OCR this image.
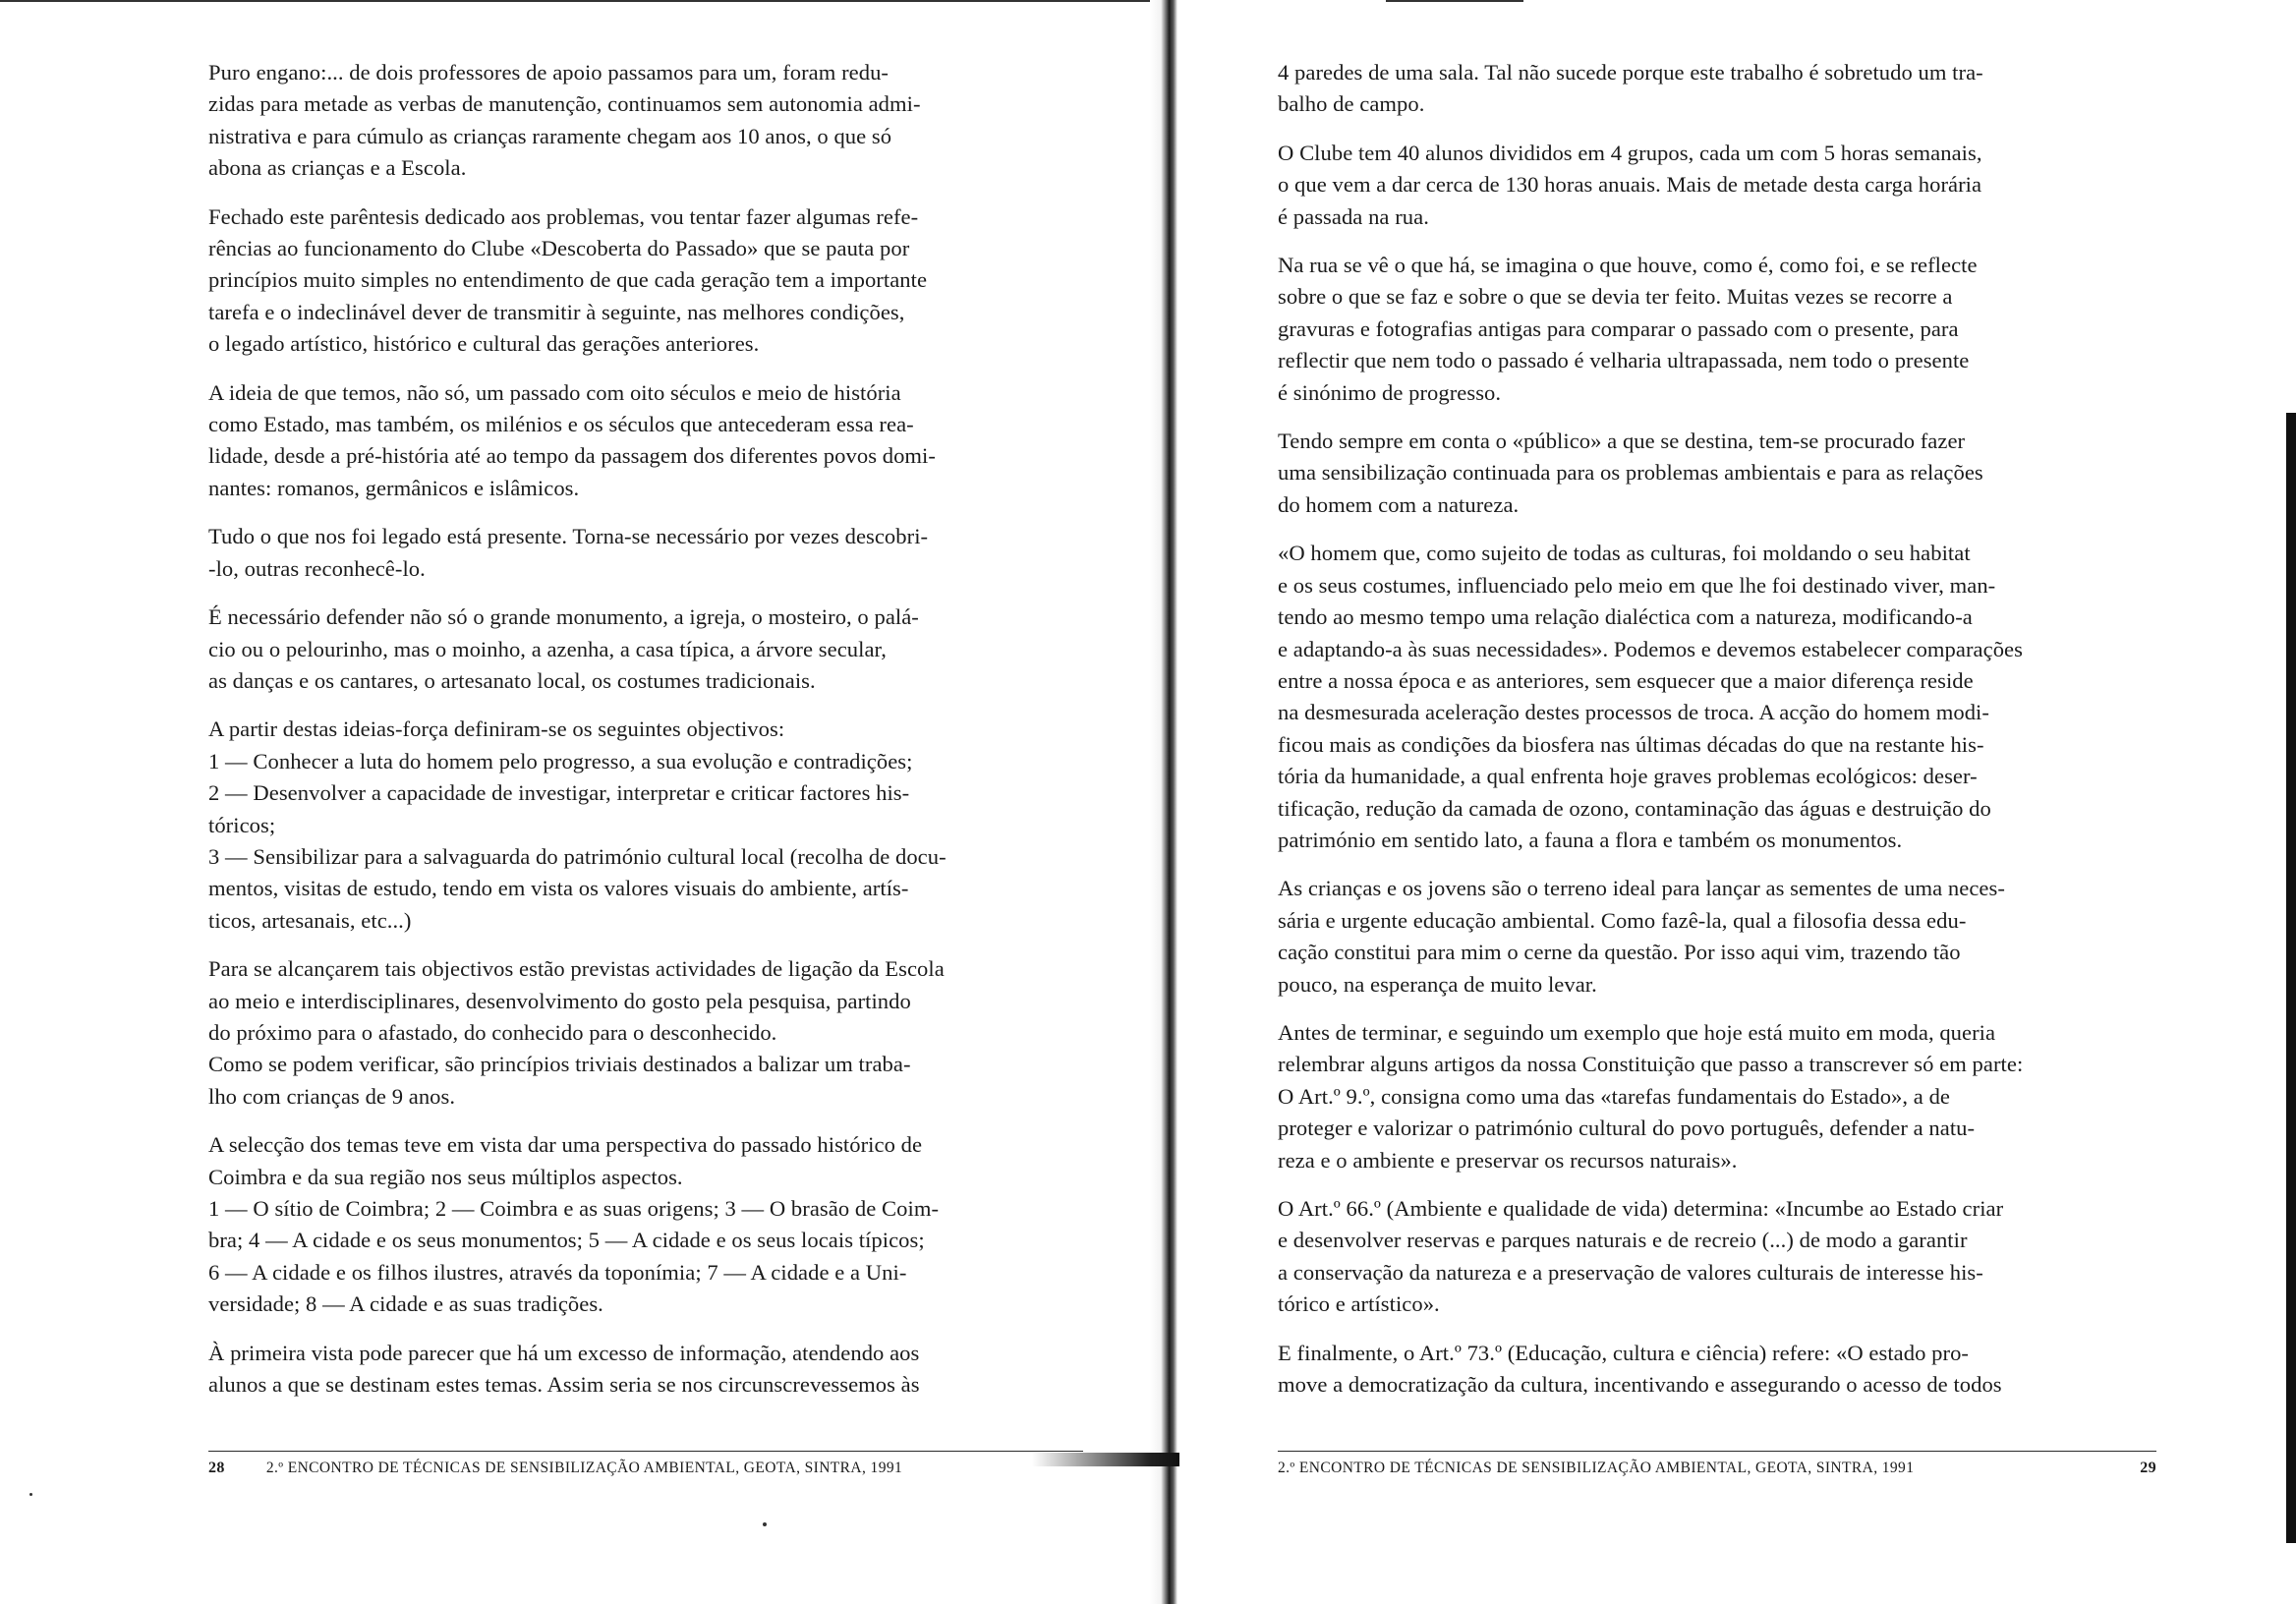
Puro engano:... de dois professores de apoio passamos para um, foram redu-
zidas para metade as verbas de manutenção, continuamos sem autonomia admi-
nistrativa e para cúmulo as crianças raramente chegam aos 10 anos, o que só
abona as crianças e a Escola.

Fechado este parêntesis dedicado aos problemas, vou tentar fazer algumas refe-
rências ao funcionamento do Clube «Descoberta do Passado» que se pauta por
princípios muito simples no entendimento de que cada geração tem a importante
tarefa e o indeclinável dever de transmitir à seguinte, nas melhores condições,
o legado artístico, histórico e cultural das gerações anteriores.

A ideia de que temos, não só, um passado com oito séculos e meio de história
como Estado, mas também, os milénios e os séculos que antecederam essa rea-
lidade, desde a pré-história até ao tempo da passagem dos diferentes povos domi-
nantes: romanos, germânicos e islâmicos.

Tudo o que nos foi legado está presente. Torna-se necessário por vezes descobri-
-lo, outras reconhecê-lo.

É necessário defender não só o grande monumento, a igreja, o mosteiro, o palá-
cio ou o pelourinho, mas o moinho, a azenha, a casa típica, a árvore secular,
as danças e os cantares, o artesanato local, os costumes tradicionais.

A partir destas ideias-força definiram-se os seguintes objectivos:
1 — Conhecer a luta do homem pelo progresso, a sua evolução e contradições;
2 — Desenvolver a capacidade de investigar, interpretar e criticar factores his-
tóricos;
3 — Sensibilizar para a salvaguarda do património cultural local (recolha de docu-
mentos, visitas de estudo, tendo em vista os valores visuais do ambiente, artís-
ticos, artesanais, etc...)

Para se alcançarem tais objectivos estão previstas actividades de ligação da Escola
ao meio e interdisciplinares, desenvolvimento do gosto pela pesquisa, partindo
do próximo para o afastado, do conhecido para o desconhecido.
Como se podem verificar, são princípios triviais destinados a balizar um traba-
lho com crianças de 9 anos.

A selecção dos temas teve em vista dar uma perspectiva do passado histórico de
Coimbra e da sua região nos seus múltiplos aspectos.
1 — O sítio de Coimbra; 2 — Coimbra e as suas origens; 3 — O brasão de Coim-
bra; 4 — A cidade e os seus monumentos; 5 — A cidade e os seus locais típicos;
6 — A cidade e os filhos ilustres, através da toponímia; 7 — A cidade e a Uni-
versidade; 8 — A cidade e as suas tradições.

À primeira vista pode parecer que há um excesso de informação, atendendo aos
alunos a que se destinam estes temas. Assim seria se nos circunscrevessemos às

28	2.º ENCONTRO DE TÉCNICAS DE SENSIBILIZAÇÃO AMBIENTAL, GEOTA, SINTRA, 1991

4 paredes de uma sala. Tal não sucede porque este trabalho é sobretudo um tra-
balho de campo.

O Clube tem 40 alunos divididos em 4 grupos, cada um com 5 horas semanais,
o que vem a dar cerca de 130 horas anuais. Mais de metade desta carga horária
é passada na rua.

Na rua se vê o que há, se imagina o que houve, como é, como foi, e se reflecte
sobre o que se faz e sobre o que se devia ter feito. Muitas vezes se recorre a
gravuras e fotografias antigas para comparar o passado com o presente, para
reflectir que nem todo o passado é velharia ultrapassada, nem todo o presente
é sinónimo de progresso.

Tendo sempre em conta o «público» a que se destina, tem-se procurado fazer
uma sensibilização continuada para os problemas ambientais e para as relações
do homem com a natureza.

«O homem que, como sujeito de todas as culturas, foi moldando o seu habitat
e os seus costumes, influenciado pelo meio em que lhe foi destinado viver, man-
tendo ao mesmo tempo uma relação dialéctica com a natureza, modificando-a
e adaptando-a às suas necessidades». Podemos e devemos estabelecer comparações
entre a nossa época e as anteriores, sem esquecer que a maior diferença reside
na desmesurada aceleração destes processos de troca. A acção do homem modi-
ficou mais as condições da biosfera nas últimas décadas do que na restante his-
tória da humanidade, a qual enfrenta hoje graves problemas ecológicos: deser-
tificação, redução da camada de ozono, contaminação das águas e destruição do
património em sentido lato, a fauna a flora e também os monumentos.

As crianças e os jovens são o terreno ideal para lançar as sementes de uma neces-
sária e urgente educação ambiental. Como fazê-la, qual a filosofia dessa edu-
cação constitui para mim o cerne da questão. Por isso aqui vim, trazendo tão
pouco, na esperança de muito levar.

Antes de terminar, e seguindo um exemplo que hoje está muito em moda, queria
relembrar alguns artigos da nossa Constituição que passo a transcrever só em parte:
O Art.º 9.º, consigna como uma das «tarefas fundamentais do Estado», a de
proteger e valorizar o património cultural do povo português, defender a natu-
reza e o ambiente e preservar os recursos naturais».

O Art.º 66.º (Ambiente e qualidade de vida) determina: «Incumbe ao Estado criar
e desenvolver reservas e parques naturais e de recreio (...) de modo a garantir
a conservação da natureza e a preservação de valores culturais de interesse his-
tórico e artístico».

E finalmente, o Art.º 73.º (Educação, cultura e ciência) refere: «O estado pro-
move a democratização da cultura, incentivando e assegurando o acesso de todos

2.º ENCONTRO DE TÉCNICAS DE SENSIBILIZAÇÃO AMBIENTAL, GEOTA, SINTRA, 1991	29
